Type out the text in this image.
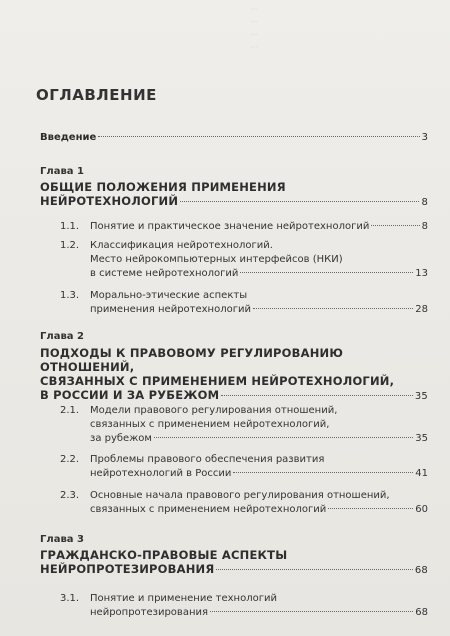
...
...
...
...
ОГЛАВЛЕНИЕ
Введение	3
Глава 1
ОБЩИЕ ПОЛОЖЕНИЯ ПРИМЕНЕНИЯ
НЕЙРОТЕХНОЛОГИЙ	8
1.1.	Понятие и практическое значение нейротехнологий	8
1.2.	Классификация нейротехнологий.
Место нейрокомпьютерных интерфейсов (НКИ)
в системе нейротехнологий	13
1.3.	Морально-этические аспекты
применения нейротехнологий	28
Глава 2
ПОДХОДЫ К ПРАВОВОМУ РЕГУЛИРОВАНИЮ ОТНОШЕНИЙ,
СВЯЗАННЫХ С ПРИМЕНЕНИЕМ НЕЙРОТЕХНОЛОГИЙ,
В РОССИИ И ЗА РУБЕЖОМ	35
2.1.	Модели правового регулирования отношений,
связанных с применением нейротехнологий,
за рубежом	35
2.2.	Проблемы правового обеспечения развития
нейротехнологий в России	41
2.3.	Основные начала правового регулирования отношений,
связанных с применением нейротехнологий	60
Глава 3
ГРАЖДАНСКО-ПРАВОВЫЕ АСПЕКТЫ
НЕЙРОПРОТЕЗИРОВАНИЯ	68
3.1.	Понятие и применение технологий
нейропротезирования	68
